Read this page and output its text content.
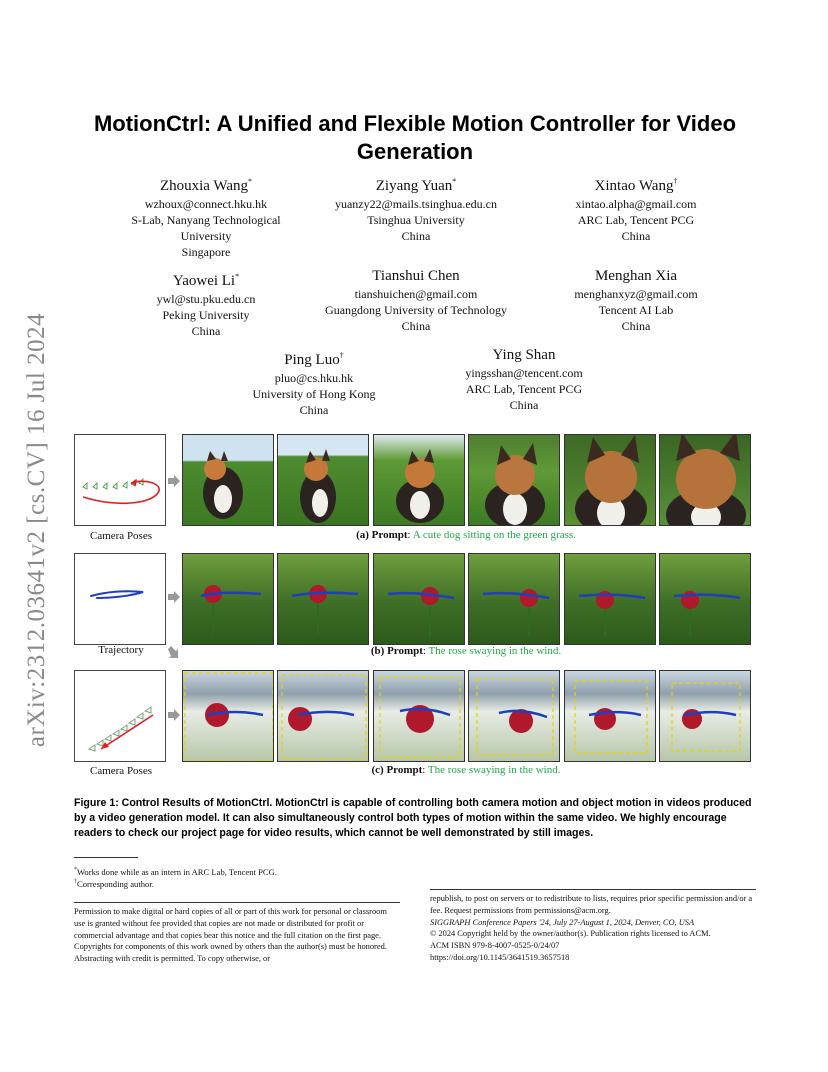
arXiv:2312.03641v2 [cs.CV] 16 Jul 2024
MotionCtrl: A Unified and Flexible Motion Controller for Video Generation
Zhouxia Wang*
wzhoux@connect.hku.hk
S-Lab, Nanyang Technological
University
Singapore
Ziyang Yuan*
yuanzy22@mails.tsinghua.edu.cn
Tsinghua University
China
Xintao Wang†
xintao.alpha@gmail.com
ARC Lab, Tencent PCG
China
Yaowei Li*
ywl@stu.pku.edu.cn
Peking University
China
Tianshui Chen
tianshuichen@gmail.com
Guangdong University of Technology
China
Menghan Xia
menghanxyz@gmail.com
Tencent AI Lab
China
Ping Luo†
pluo@cs.hku.hk
University of Hong Kong
China
Ying Shan
yingsshan@tencent.com
ARC Lab, Tencent PCG
China
Camera Poses	(a) Prompt: A cute dog sitting on the green grass.
Trajectory	(b) Prompt: The rose swaying in the wind.
Camera Poses	(c) Prompt: The rose swaying in the wind.
Figure 1: Control Results of MotionCtrl. MotionCtrl is capable of controlling both camera motion and object motion in videos produced by a video generation model. It can also simultaneously control both types of motion within the same video. We highly encourage readers to check our project page for video results, which cannot be well demonstrated by still images.
*Works done while as an intern in ARC Lab, Tencent PCG.
†Corresponding author.
Permission to make digital or hard copies of all or part of this work for personal or classroom use is granted without fee provided that copies are not made or distributed for profit or commercial advantage and that copies bear this notice and the full citation on the first page. Copyrights for components of this work owned by others than the author(s) must be honored. Abstracting with credit is permitted. To copy otherwise, or
republish, to post on servers or to redistribute to lists, requires prior specific permission and/or a fee. Request permissions from permissions@acm.org.
SIGGRAPH Conference Papers '24, July 27-August 1, 2024, Denver, CO, USA
© 2024 Copyright held by the owner/author(s). Publication rights licensed to ACM.
ACM ISBN 979-8-4007-0525-0/24/07
https://doi.org/10.1145/3641519.3657518
